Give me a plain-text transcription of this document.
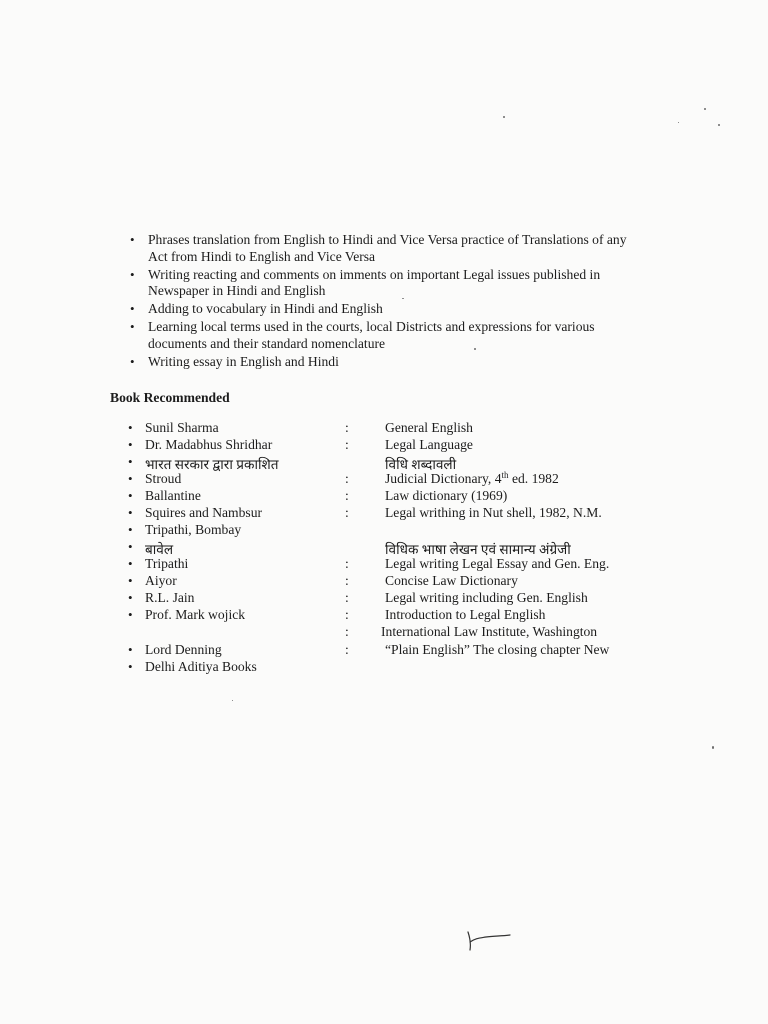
• Phrases translation from English to Hindi and Vice Versa practice of Translations of any Act from Hindi to English and Vice Versa
• Writing reacting and comments on imments on important Legal issues published in Newspaper in Hindi and English
• Adding to vocabulary in Hindi and English
• Learning local terms used in the courts, local Districts and expressions for various documents and their standard nomenclature
• Writing essay in English and Hindi
Book Recommended
• Sunil Sharma	:	General English
• Dr. Madabhus Shridhar	:	Legal Language
• भारत सरकार द्वारा प्रकाशित	विधि शब्दावली
• Stroud	:	Judicial Dictionary, 4th ed. 1982
• Ballantine	:	Law dictionary (1969)
• Squires and Nambsur	:	Legal writhing in Nut shell, 1982, N.M.
• Tripathi, Bombay
• बावेल	विधिक भाषा लेखन एवं सामान्य अंग्रेजी
• Tripathi	:	Legal writing Legal Essay and Gen. Eng.
• Aiyor	:	Concise Law Dictionary
• R.L. Jain	:	Legal writing including Gen. English
• Prof. Mark wojick	:	Introduction to Legal English
: International Law Institute, Washington
• Lord Denning	:	“Plain English” The closing chapter New
• Delhi Aditiya Books
